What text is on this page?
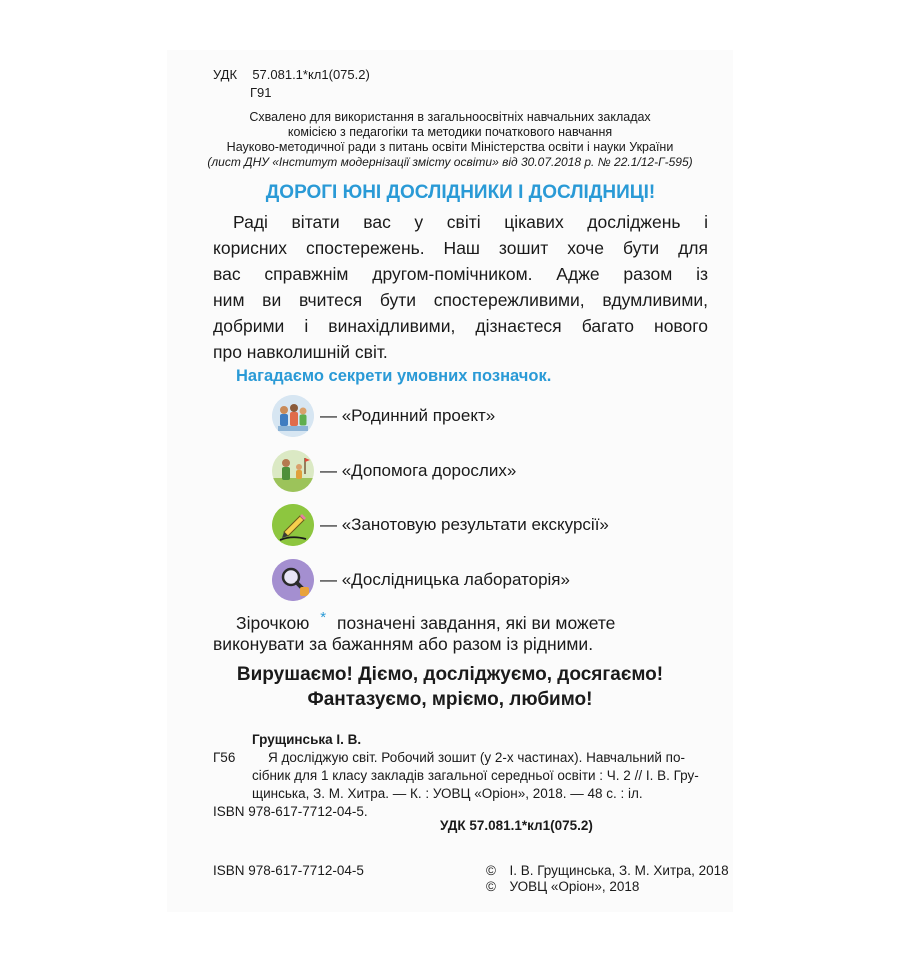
УДК 57.081.1*кл1(075.2)
Г91
Схвалено для використання в загальноосвітніх навчальних закладах
комісією з педагогіки та методики початкового навчання
Науково-методичної ради з питань освіти Міністерства освіти і науки України
(лист ДНУ «Інститут модернізації змісту освіти» від 30.07.2018 р. № 22.1/12-Г-595)
ДОРОГІ ЮНІ ДОСЛІДНИКИ І ДОСЛІДНИЦІ!
Раді вітати вас у світі цікавих досліджень і
корисних спостережень. Наш зошит хоче бути для
вас справжнім другом-помічником. Адже разом із
ним ви вчитеся бути спостережливими, вдумливими,
добрими і винахідливими, дізнаєтеся багато нового
про навколишній світ.
Нагадаємо секрети умовних позначок.
— «Родинний проект»
— «Допомога дорослих»
— «Занотовую результати екскурсії»
— «Дослідницька лабораторія»
Зірочкою * позначені завдання, які ви можете
виконувати за бажанням або разом із рідними.
Вирушаємо! Діємо, досліджуємо, досягаємо!
Фантазуємо, мріємо, любимо!
Грущинська І. В.
Г56 Я досліджую світ. Робочий зошит (у 2-х частинах). Навчальний по-
сібник для 1 класу закладів загальної середньої освіти : Ч. 2 // І. В. Гру-
щинська, З. М. Хитра. — К. : УОВЦ «Оріон», 2018. — 48 с. : іл.
ISBN 978-617-7712-04-5.
УДК 57.081.1*кл1(075.2)
ISBN 978-617-7712-04-5	© І. В. Грущинська, З. М. Хитра, 2018
© УОВЦ «Оріон», 2018
